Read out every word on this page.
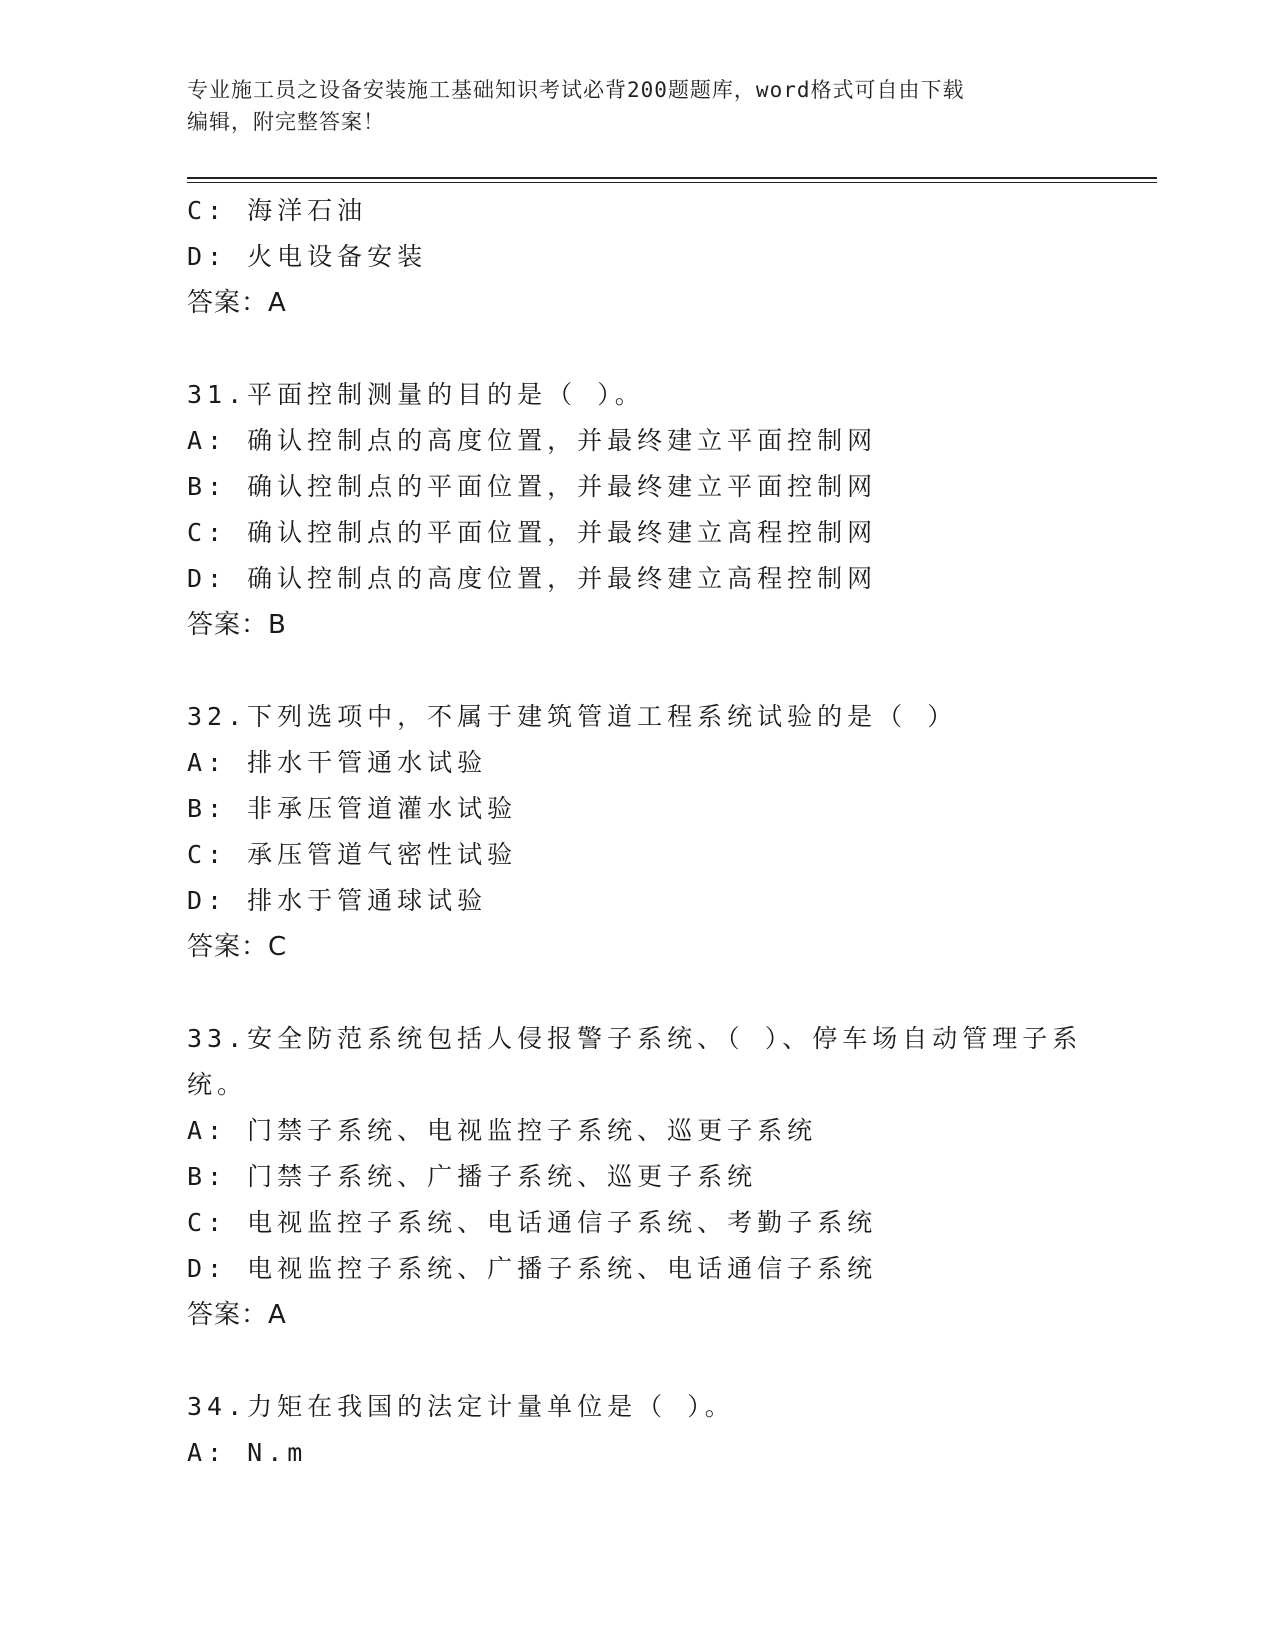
专业施工员之设备安装施工基础知识考试必背200题题库，word格式可自由下载
编辑，附完整答案！
C: 海洋石油
D: 火电设备安装
答案：A
31.平面控制测量的目的是（ ）。
A: 确认控制点的高度位置，并最终建立平面控制网
B: 确认控制点的平面位置，并最终建立平面控制网
C: 确认控制点的平面位置，并最终建立高程控制网
D: 确认控制点的高度位置，并最终建立高程控制网
答案：B
32.下列选项中，不属于建筑管道工程系统试验的是（ ）
A: 排水干管通水试验
B: 非承压管道灌水试验
C: 承压管道气密性试验
D: 排水于管通球试验
答案：C
33.安全防范系统包括人侵报警子系统、（ ）、停车场自动管理子系
统。
A: 门禁子系统、电视监控子系统、巡更子系统
B: 门禁子系统、广播子系统、巡更子系统
C: 电视监控子系统、电话通信子系统、考勤子系统
D: 电视监控子系统、广播子系统、电话通信子系统
答案：A
34.力矩在我国的法定计量单位是（ ）。
A: N.m
